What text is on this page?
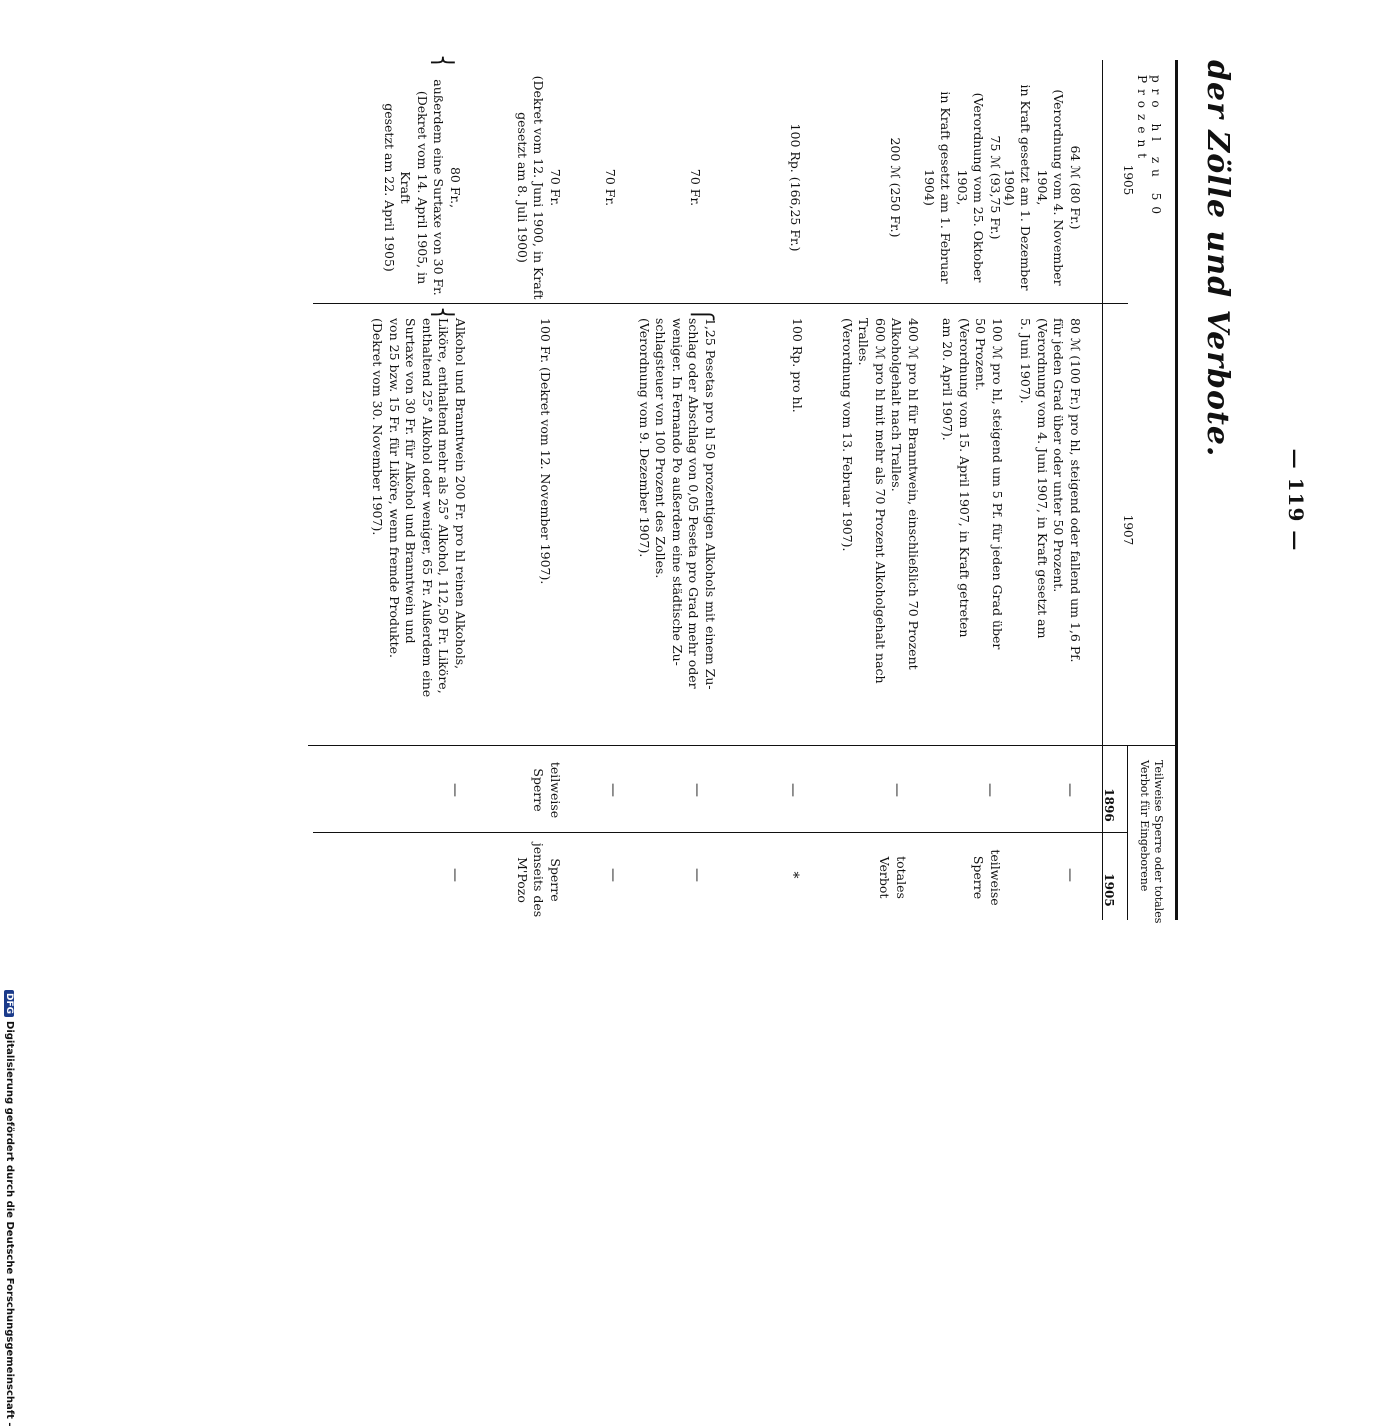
— 119 —
der Zölle und Verbote.
pro hl zu 50 Prozent
1905
1907
Teilweise Sperre oder totales Verbot für Eingeborene
1896
1905
64 ℳ (80 Fr.)
(Verordnung vom 4. November 1904,
in Kraft gesetzt am 1. Dezember 1904)
80 ℳ (100 Fr.) pro hl, steigend oder fallend um 1,6 Pf.
für jeden Grad über oder unter 50 Prozent.
(Verordnung vom 4. Juni 1907, in Kraft gesetzt am
5. Juni 1907).
—
—
75 ℳ (93,75 Fr.)
(Verordnung vom 25. Oktober 1903,
in Kraft gesetzt am 1. Februar 1904)
100 ℳ pro hl, steigend um 5 Pf. für jeden Grad über
50 Prozent.
(Verordnung vom 15. April 1907, in Kraft getreten
am 20. April 1907).
—
teilweise
Sperre
200 ℳ (250 Fr.)
400 ℳ pro hl für Branntwein, einschließlich 70 Prozent
Alkoholgehalt nach Tralles.
600 ℳ pro hl mit mehr als 70 Prozent Alkoholgehalt nach
Tralles.
(Verordnung vom 13. Februar 1907).
—
totales
Verbot
100 Rp. (166,25 Fr.)
100 Rp. pro hl.
—
*
70 Fr.
⎧
1,25 Pesetas pro hl 50 prozentigen Alkohols mit einem Zu-
schlag oder Abschlag von 0,05 Peseta pro Grad mehr oder
weniger. In Fernando Po außerdem eine städtische Zu-
schlagsteuer von 100 Prozent des Zolles.
(Verordnung vom 9. Dezember 1907).
—
—
70 Fr.
—
—
70 Fr.
(Dekret vom 12. Juni 1900, in Kraft
gesetzt am 8. Juli 1900)
100 Fr. (Dekret vom 12. November 1907).
teilweise
Sperre
Sperre
jenseits des
M'Pozo
⎨
80 Fr.,
außerdem eine Surtaxe von 30 Fr.
(Dekret vom 14. April 1905, in Kraft
gesetzt am 22. April 1905)
⎨
Alkohol und Branntwein 200 Fr. pro hl reinen Alkohols,
Liköre, enthaltend mehr als 25° Alkohol, 112,50 Fr. Liköre,
enthaltend 25° Alkohol oder weniger, 65 Fr. Außerdem eine
Surtaxe von 30 Fr. für Alkohol und Branntwein und
von 25 bzw. 15 Fr. für Liköre, wenn fremde Produkte.
(Dekret vom 30. November 1907).
—
—
DFGDigitalisierung gefördert durch die Deutsche Forschungsgemeinschaft -
